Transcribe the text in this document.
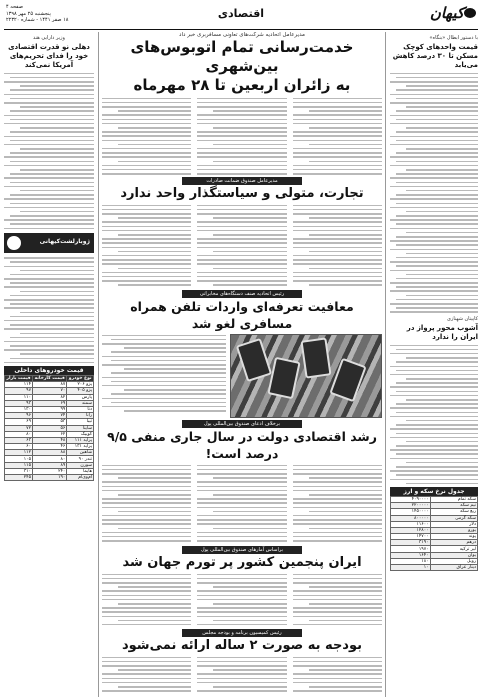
کیهان
اقتصادی
صفحه ۴
پنجشنبه ۲۵ مهر ۱۳۹۸
۱۸ صفر ۱۴۴۱ - شماره ۲۲۳۲۰
با دستور ابطال «بنگاه»
قیمت واحدهای کوچک مسکن تا ۳۰ درصد کاهش می‌یابد
کاپیتان شهنازی
آشوب محور پرواز در ایران را ندارد
جدول نرخ سکه و ارز
سکه تمام	۴۰۹۰۰۰۰
نیم سکه	۲۲۰۰۰۰۰
ربع سکه	۱۴۵۰۰۰۰
سکه گرمی	۸۰۰۰۰۰
دلار	۱۱۶۰۰
یورو	۱۲۸۰۰
پوند	۱۴۷۰۰
درهم	۳۱۹۰
لیر ترکیه	۱۹۷۰
یوان	۱۶۴۰
روبل	۱۸۰
دینار عراق	۱۰
وزیر دارایی هند
دهلی نو قدرت اقتصادی خود را فدای تحریم‌های آمریکا نمی‌کند
ژوبارلشت‌کیهانی
قیمت خودروهای داخلی
نوع خودرو	قیمت کارخانه	قیمت بازار
پژو ۲۰۶	۸۷	۱۱۴
پژو ۴۰۵	۷۰	۹۷
پارس	۸۲	۱۱۰
سمند	۶۹	۹۳
دنا	۹۹	۱۳۰
رانا	۷۴	۹۶
تیبا	۵۳	۶۹
ساینا	۵۶	۷۲
کوییک	۶۲	۸۰
پراید ۱۱۱	۴۸	۶۳
پراید ۱۳۱	۴۶	۶۰
شاهین	۸۸	۱۱۲
تندر ۹۰	۸۰	۱۰۵
سورن	۸۹	۱۱۵
هایما	۲۴۰	۳۱۰
ام‌وی‌ام	۱۹۰	۲۴۵
مدیرعامل اتحادیه شرکت‌های تعاونی مسافربری خبر داد
خدمت‌رسانی تمام اتوبوس‌های بین‌شهری
به زائران اربعین تا ۲۸ مهرماه
مدیرعامل صندوق ضمانت صادرات
تجارت، متولی و سیاستگذار واحد ندارد
رئیس اتحادیه صنف دستگاه‌های مخابراتی
معافیت تعرفه‌ای واردات تلفن همراه مسافری لغو شد
برخلاف ادعای صندوق بین‌المللی پول
رشد اقتصادی دولت در سال جاری منفی ۹/۵ درصد است!
براساس آمارهای صندوق بین‌المللی پول
ایران پنجمین کشور پر تورم جهان شد
رئیس کمیسیون برنامه و بودجه مجلس
بودجه به صورت ۲ ساله ارائه نمی‌شود
